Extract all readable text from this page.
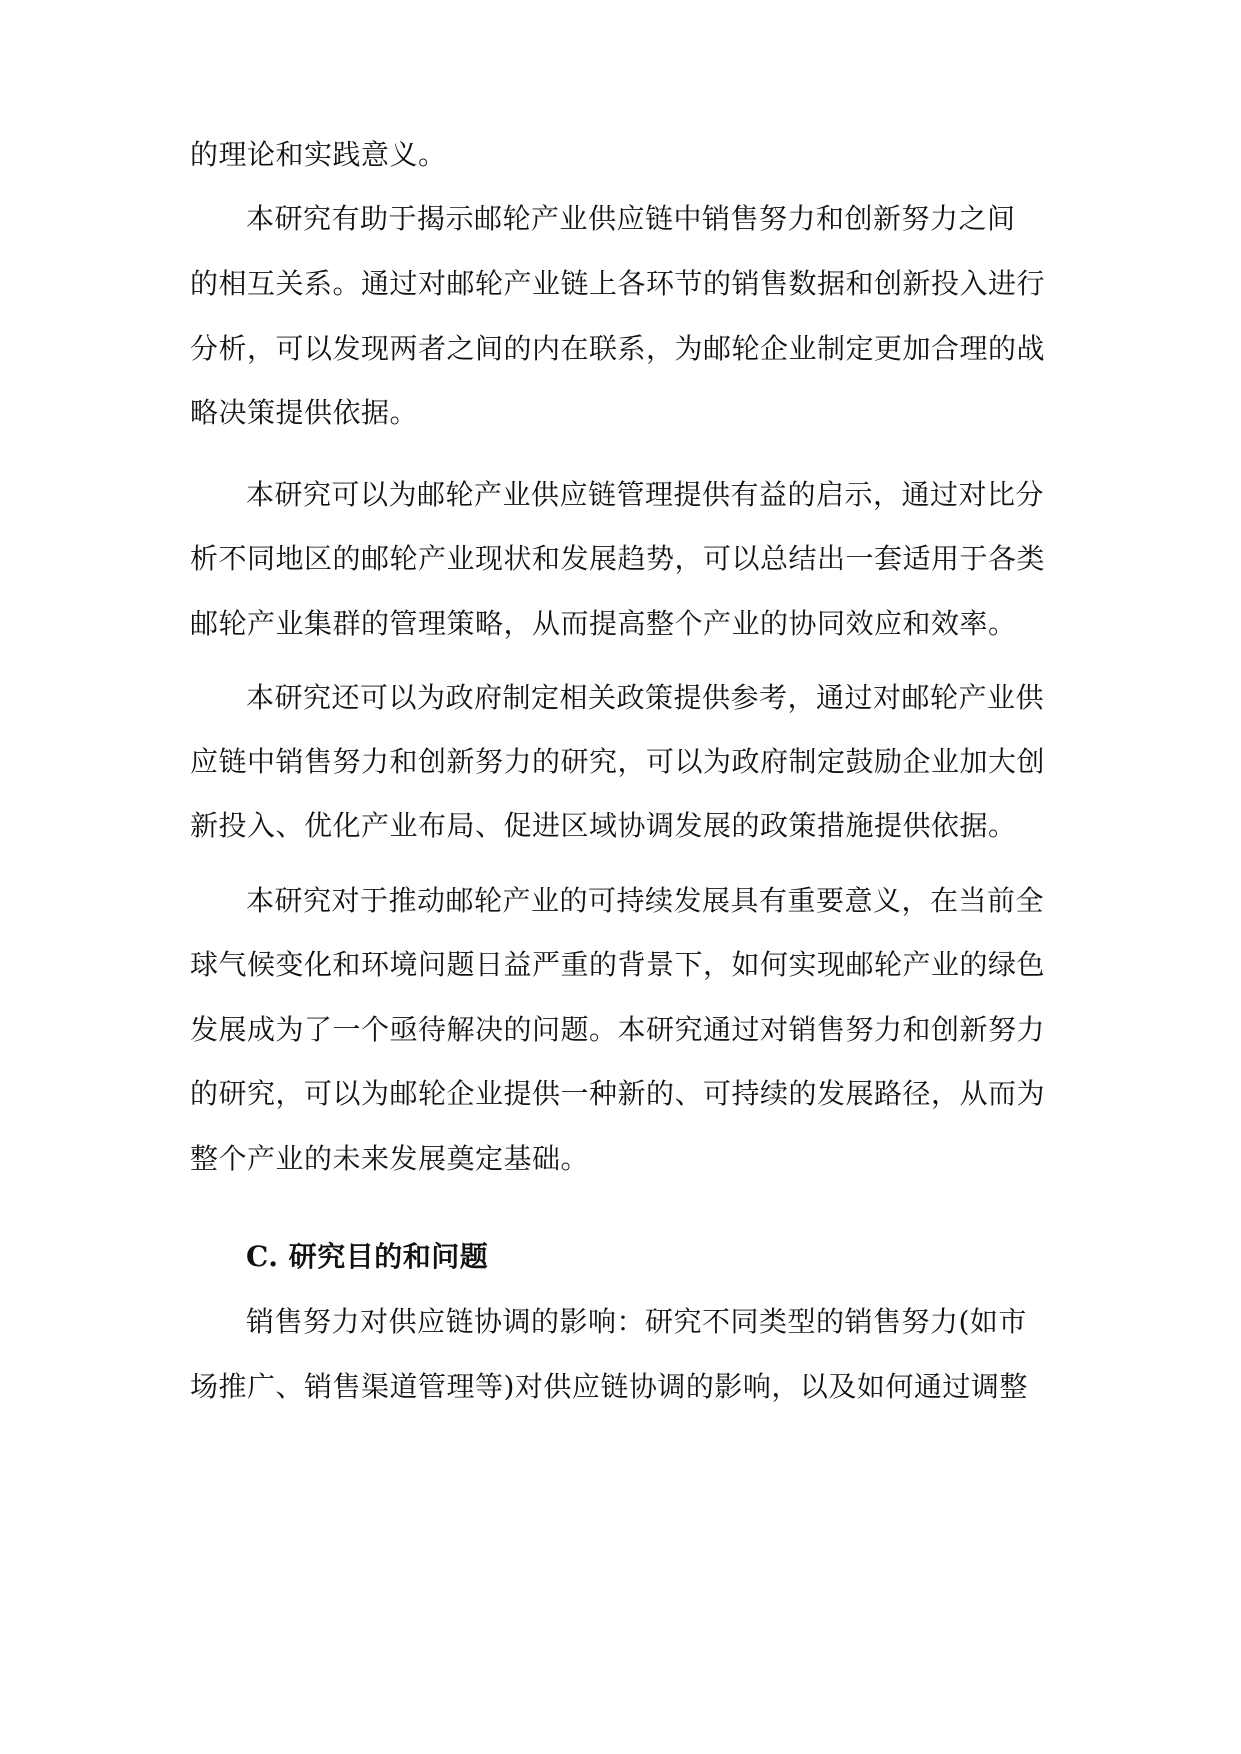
的理论和实践意义。
本研究有助于揭示邮轮产业供应链中销售努力和创新努力之间
的相互关系。通过对邮轮产业链上各环节的销售数据和创新投入进行
分析，可以发现两者之间的内在联系，为邮轮企业制定更加合理的战
略决策提供依据。
本研究可以为邮轮产业供应链管理提供有益的启示，通过对比分
析不同地区的邮轮产业现状和发展趋势，可以总结出一套适用于各类
邮轮产业集群的管理策略，从而提高整个产业的协同效应和效率。
本研究还可以为政府制定相关政策提供参考，通过对邮轮产业供
应链中销售努力和创新努力的研究，可以为政府制定鼓励企业加大创
新投入、优化产业布局、促进区域协调发展的政策措施提供依据。
本研究对于推动邮轮产业的可持续发展具有重要意义，在当前全
球气候变化和环境问题日益严重的背景下，如何实现邮轮产业的绿色
发展成为了一个亟待解决的问题。本研究通过对销售努力和创新努力
的研究，可以为邮轮企业提供一种新的、可持续的发展路径，从而为
整个产业的未来发展奠定基础。
C. 研究目的和问题
销售努力对供应链协调的影响：研究不同类型的销售努力(如市
场推广、销售渠道管理等)对供应链协调的影响，以及如何通过调整
